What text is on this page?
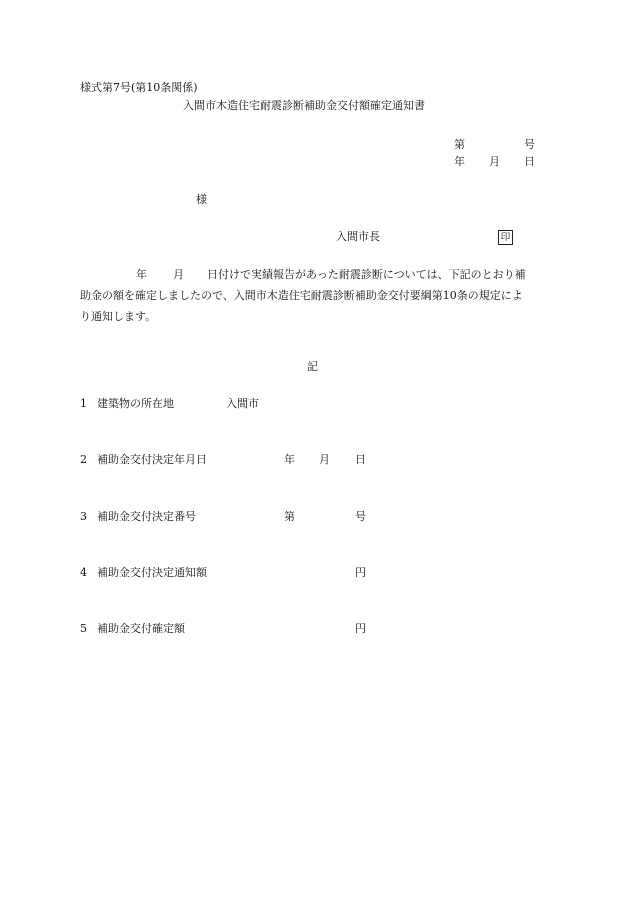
様式第7号(第10条関係)
入間市木造住宅耐震診断補助金交付額確定通知書
第	号
年 月 日
様
入間市長	印
年 月 日付けで実績報告があった耐震診断については、下記のとおり補
助金の額を確定しましたので、入間市木造住宅耐震診断補助金交付要綱第10条の規定によ
り通知します。
記
1 建築物の所在地	入間市
2 補助金交付決定年月日	年 月 日
3 補助金交付決定番号	第	号
4 補助金交付決定通知額	円
5 補助金交付確定額	円
